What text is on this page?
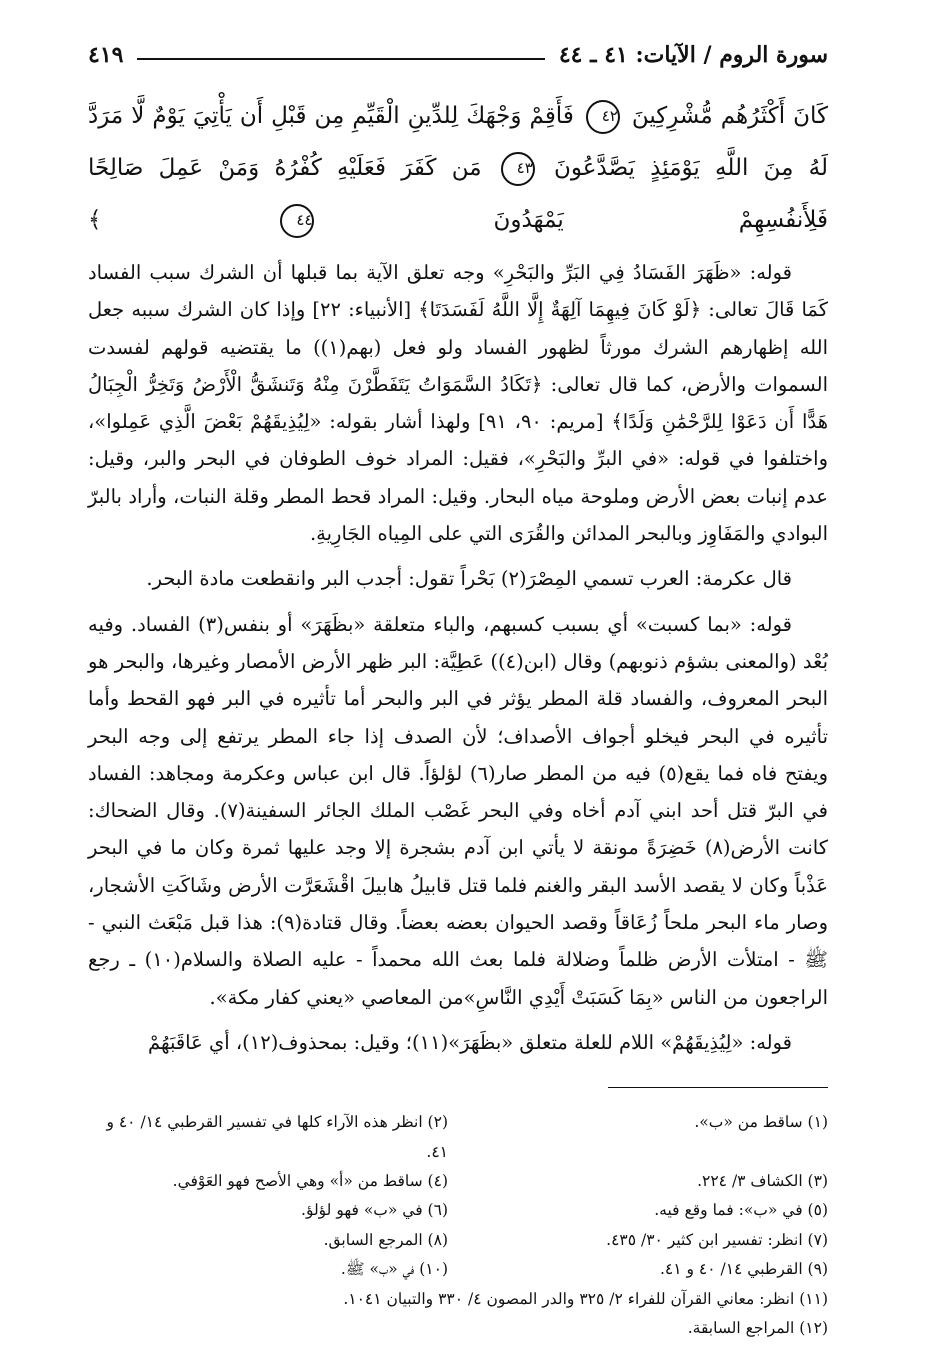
سورة الروم / الآيات: ٤١ ـ ٤٤
٤١٩
كَانَ أَكْثَرُهُم مُّشْرِكِينَ ٤٢ فَأَقِمْ وَجْهَكَ لِلدِّينِ الْقَيِّمِ مِن قَبْلِ أَن يَأْتِيَ يَوْمٌ لَّا مَرَدَّ لَهُ مِنَ اللَّهِ يَوْمَئِذٍ يَصَّدَّعُونَ ٤٣ مَن كَفَرَ فَعَلَيْهِ كُفْرُهُ وَمَنْ عَمِلَ صَالِحًا فَلِأَنفُسِهِمْ يَمْهَدُونَ ٤٤ ﴾

قوله: «ظَهَرَ الفَسَادُ فِي البَرِّ والبَحْرِ» وجه تعلق الآية بما قبلها أن الشرك سبب الفساد كَمَا قَالَ تعالى: ﴿لَوْ كَانَ فِيهِمَا آلِهَةٌ إِلَّا اللَّهُ لَفَسَدَتَا﴾ [الأنبياء: ٢٢] وإذا كان الشرك سببه جعل الله إظهارهم الشرك مورثاً لظهور الفساد ولو فعل (بهم(١)) ما يقتضيه قولهم لفسدت السموات والأرض، كما قال تعالى: ﴿تَكَادُ السَّمَوَاتُ يَتَفَطَّرْنَ مِنْهُ وَتَنشَقُّ الْأَرْضُ وَتَخِرُّ الْجِبَالُ هَدًّا أَن دَعَوْا لِلرَّحْمَٰنِ وَلَدًا﴾ [مريم: ٩٠، ٩١] ولهذا أشار بقوله: «لِيُذِيقَهُمْ بَعْضَ الَّذِي عَمِلوا»، واختلفوا في قوله: «في البرِّ والبَحْرِ»، فقيل: المراد خوف الطوفان في البحر والبر، وقيل: عدم إنبات بعض الأرض وملوحة مياه البحار. وقيل: المراد قحط المطر وقلة النبات، وأراد بالبرّ البوادي والمَفَاوِز وبالبحر المدائن والقُرَى التي على المِياه الجَارِيةِ.

قال عكرمة: العرب تسمي المِصْرَ(٢) بَحْراً تقول: أجدب البر وانقطعت مادة البحر.

قوله: «بما كسبت» أي بسبب كسبهم، والباء متعلقة «بظَهَرَ» أو بنفس(٣) الفساد. وفيه بُعْد (والمعنى بشؤم ذنوبهم) وقال (ابن(٤)) عَطِيَّة: البر ظهر الأرض الأمصار وغيرها، والبحر هو البحر المعروف، والفساد قلة المطر يؤثر في البر والبحر أما تأثيره في البر فهو القحط وأما تأثيره في البحر فيخلو أجواف الأصداف؛ لأن الصدف إذا جاء المطر يرتفع إلى وجه البحر ويفتح فاه فما يقع(٥) فيه من المطر صار(٦) لؤلؤاً. قال ابن عباس وعكرمة ومجاهد: الفساد في البرّ قتل أحد ابني آدم أخاه وفي البحر غَصْب الملك الجائر السفينة(٧). وقال الضحاك: كانت الأرض(٨) خَضِرَةً مونقة لا يأتي ابن آدم بشجرة إلا وجد عليها ثمرة وكان ما في البحر عَذْباً وكان لا يقصد الأسد البقر والغنم فلما قتل قابيلُ هابيلَ اقْشَعَرَّت الأرض وشَاكَتِ الأشجار، وصار ماء البحر ملحاً زُعَاقاً وقصد الحيوان بعضه بعضاً. وقال قتادة(٩): هذا قبل مَبْعَث النبي - ﷺ - امتلأت الأرض ظلماً وضلالة فلما بعث الله محمداً - عليه الصلاة والسلام(١٠) ـ رجع الراجعون من الناس «بِمَا كَسَبَتْ أَيْدِي النَّاسِ»من المعاصي «يعني كفار مكة».

قوله: «لِيُذِيقَهُمْ» اللام للعلة متعلق «بظَهَرَ»(١١)؛ وقيل: بمحذوف(١٢)، أي عَاقَبَهُمْ

(١) ساقط من «ب».
(٢) انظر هذه الآراء كلها في تفسير القرطبي ١٤/ ٤٠ و ٤١.
(٣) الكشاف ٣/ ٢٢٤.
(٤) ساقط من «أ» وهي الأصح فهو العَوْفي.
(٥) في «ب»: فما وقع فيه.
(٦) في «ب» فهو لؤلؤ.
(٧) انظر: تفسير ابن كثير ٣٠/ ٤٣٥.
(٨) المرجع السابق.
(٩) القرطبي ١٤/ ٤٠ و ٤١.
(١٠) في «ب» ﷺ.
(١١) انظر: معاني القرآن للفراء ٢/ ٣٢٥ والدر المصون ٤/ ٣٣٠ والتبيان ١٠٤١.
(١٢) المراجع السابقة.
